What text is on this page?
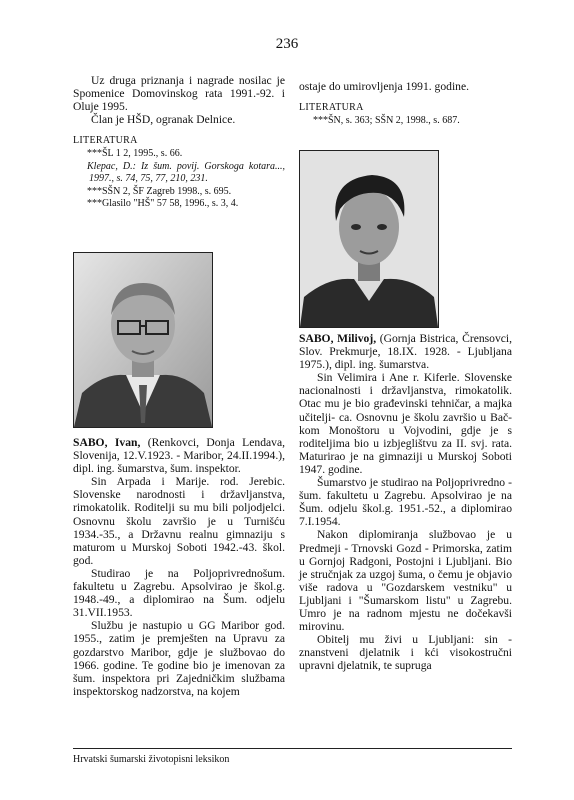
236

Uz druga priznanja i nagrade nosilac je Spomenice Domovinskog rata 1991.-92. i Oluje 1995.

Član je HŠD, ogranak Delnice.

LITERATURA

***ŠL 1 2, 1995., s. 66.

Klepac, D.: Iz šum. povij. Gorskoga kotara..., 1997., s. 74, 75, 77, 210, 231.

***SŠN 2, ŠF Zagreb 1998., s. 695.

***Glasilo "HŠ" 57 58, 1996., s. 3, 4.

SABO, Ivan, (Renkovci, Donja Lendava, Slovenija, 12.V.1923. - Maribor, 24.II.1994.), dipl. ing. šumarstva, šum. inspektor.

Sin Arpada i Marije. rod. Jerebic. Slovenske narodnosti i državljanstva, rimokatolik. Roditelji su mu bili poljodjelci. Osnovnu školu završio je u Turnišću 1934.-35., a Državnu realnu gimnaziju s maturom u Murskoj Soboti 1942.-43. škol. god.

Studirao je na Poljoprivrednošum. fakultetu u Zagrebu. Apsolvirao je škol.g. 1948.-49., a diplomirao na Šum. odjelu 31.VII.1953.

Službu je nastupio u GG Maribor god. 1955., zatim je premješten na Upravu za gozdarstvo Maribor, gdje je službovao do 1966. godine. Te godine bio je imenovan za šum. inspektora pri Zajedničkim službama inspektorskog nadzorstva, na kojem

ostaje do umirovljenja 1991. godine.

LITERATURA

***ŠN, s. 363; SŠN 2, 1998., s. 687.

SABO, Milivoj, (Gornja Bistrica, Črensovci, Slov. Prekmurje, 18.IX. 1928. - Ljubljana 1975.), dipl. ing. šumarstva.

Sin Velimira i Ane r. Kiferle. Slovenske nacionalnosti i državljanstva, rimokatolik. Otac mu je bio građevinski tehničar, a majka učitelji- ca. Osnovnu je školu završio u Bač-kom Monoštoru u Vojvodini, gdje je s roditeljima bio u izbjeglištvu za II. svj. rata. Maturirao je na gimnaziji u Murskoj Soboti 1947. godine.

Šumarstvo je studirao na Poljoprivredno - šum. fakultetu u Zagrebu. Apsolvirao je na Šum. odjelu škol.g. 1951.-52., a diplomirao 7.I.1954.

Nakon diplomiranja službovao je u Predmeji - Trnovski Gozd - Primorska, zatim u Gornjoj Radgoni, Postojni i Ljubljani. Bio je stručnjak za uzgoj šuma, o čemu je objavio više radova u "Gozdarskem vestniku" u Ljubljani i "Šumarskom listu" u Zagrebu. Umro je na radnom mjestu ne dočekavši mirovinu.

Obitelj mu živi u Ljubljani: sin - znanstveni djelatnik i kći visokostručni upravni djelatnik, te supruga

Hrvatski šumarski životopisni leksikon
